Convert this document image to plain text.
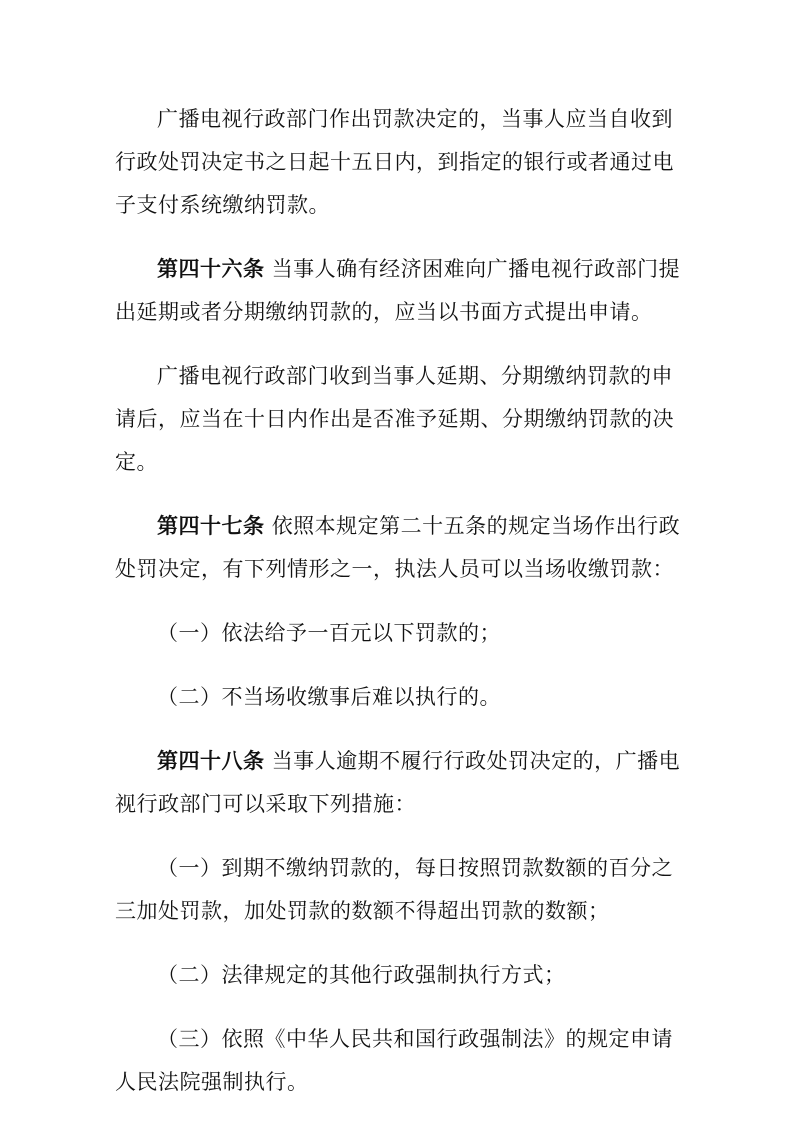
广播电视行政部门作出罚款决定的，当事人应当自收到行政处罚决定书之日起十五日内，到指定的银行或者通过电子支付系统缴纳罚款。

第四十六条 当事人确有经济困难向广播电视行政部门提出延期或者分期缴纳罚款的，应当以书面方式提出申请。

广播电视行政部门收到当事人延期、分期缴纳罚款的申请后，应当在十日内作出是否准予延期、分期缴纳罚款的决定。

第四十七条 依照本规定第二十五条的规定当场作出行政处罚决定，有下列情形之一，执法人员可以当场收缴罚款：

（一）依法给予一百元以下罚款的；

（二）不当场收缴事后难以执行的。

第四十八条 当事人逾期不履行行政处罚决定的，广播电视行政部门可以采取下列措施：

（一）到期不缴纳罚款的，每日按照罚款数额的百分之三加处罚款，加处罚款的数额不得超出罚款的数额；

（二）法律规定的其他行政强制执行方式；

（三）依照《中华人民共和国行政强制法》的规定申请人民法院强制执行。
